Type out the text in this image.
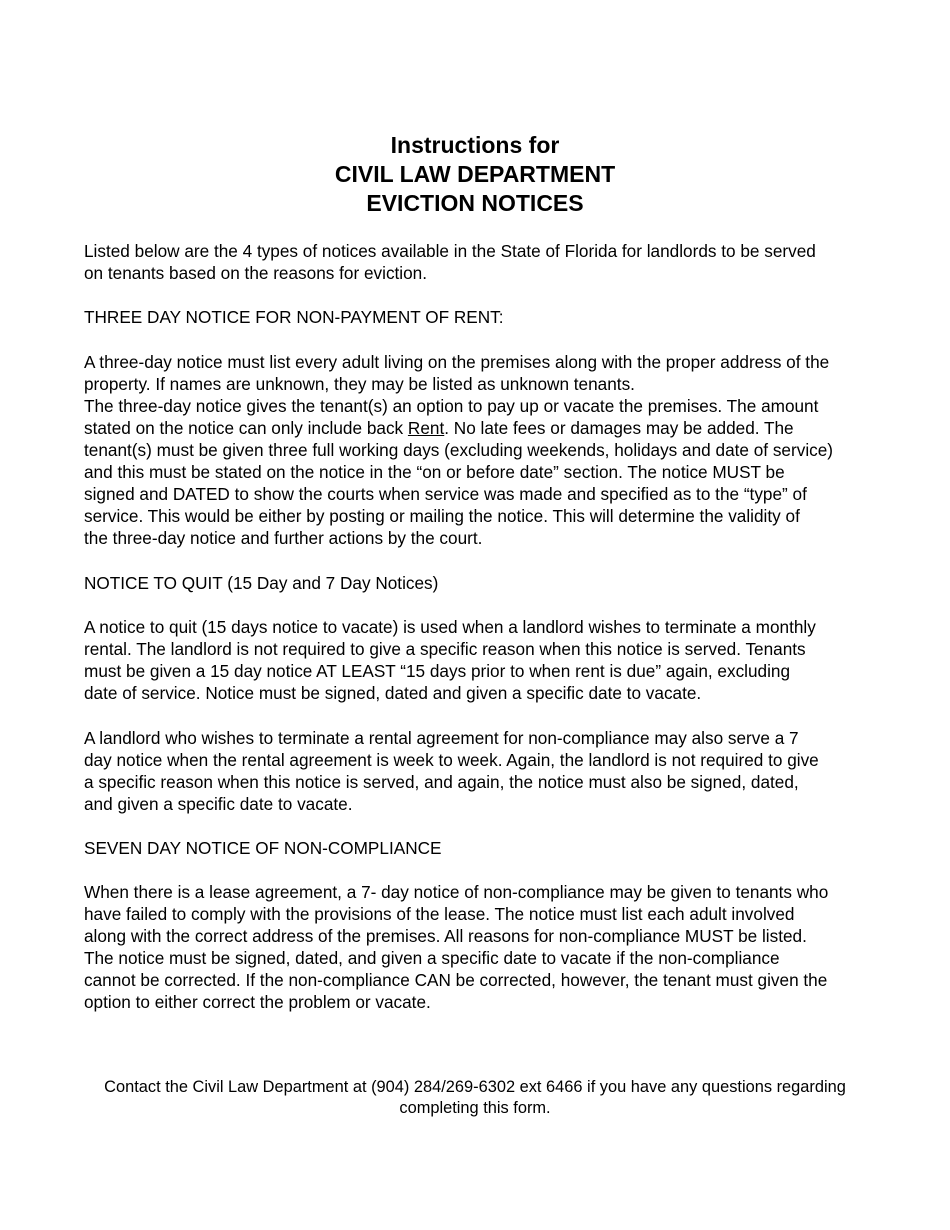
Instructions for
CIVIL LAW DEPARTMENT
EVICTION NOTICES
Listed below are the 4 types of notices available in the State of Florida for landlords to be served
on tenants based on the reasons for eviction.
THREE DAY NOTICE FOR NON-PAYMENT OF RENT:
A three-day notice must list every adult living on the premises along with the proper address of the
property. If names are unknown, they may be listed as unknown tenants.
The three-day notice gives the tenant(s) an option to pay up or vacate the premises. The amount
stated on the notice can only include back Rent. No late fees or damages may be added. The
tenant(s) must be given three full working days (excluding weekends, holidays and date of service)
and this must be stated on the notice in the “on or before date” section. The notice MUST be
signed and DATED to show the courts when service was made and specified as to the “type” of
service. This would be either by posting or mailing the notice. This will determine the validity of
the three-day notice and further actions by the court.
NOTICE TO QUIT (15 Day and 7 Day Notices)
A notice to quit (15 days notice to vacate) is used when a landlord wishes to terminate a monthly
rental. The landlord is not required to give a specific reason when this notice is served. Tenants
must be given a 15 day notice AT LEAST “15 days prior to when rent is due” again, excluding
date of service. Notice must be signed, dated and given a specific date to vacate.
A landlord who wishes to terminate a rental agreement for non-compliance may also serve a 7
day notice when the rental agreement is week to week. Again, the landlord is not required to give
a specific reason when this notice is served, and again, the notice must also be signed, dated,
and given a specific date to vacate.
SEVEN DAY NOTICE OF NON-COMPLIANCE
When there is a lease agreement, a 7- day notice of non-compliance may be given to tenants who
have failed to comply with the provisions of the lease. The notice must list each adult involved
along with the correct address of the premises. All reasons for non-compliance MUST be listed.
The notice must be signed, dated, and given a specific date to vacate if the non-compliance
cannot be corrected. If the non-compliance CAN be corrected, however, the tenant must given the
option to either correct the problem or vacate.
Contact the Civil Law Department at (904) 284/269-6302 ext 6466 if you have any questions regarding
completing this form.
